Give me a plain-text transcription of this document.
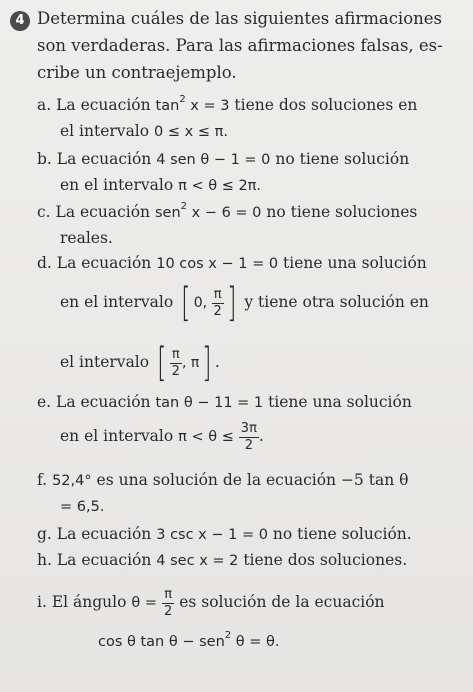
4 Determina cuáles de las siguientes afirmaciones
son verdaderas. Para las afirmaciones falsas, es-
cribe un contraejemplo.
a. La ecuación $\tan^2 x = 3$ tiene dos soluciones en
el intervalo 0 ≤ x ≤ π.
b. La ecuación 4 sen θ − 1 = 0 no tiene solución
en el intervalo π < θ ≤ 2π.
c. La ecuación sen$^2$ x − 6 = 0 no tiene soluciones
reales.
d. La ecuación 10 cos x − 1 = 0 tiene una solución
en el intervalo [ 0,
$\frac{\pi}{2}$ ] y tiene otra solución en
el intervalo [ $\frac{\pi}{2}$ , π ] .
e. La ecuación tan θ − 11 = 1 tiene una solución
en el intervalo $\pi < \theta \le \frac{3\pi}{2}$ .
f. 52,4° es una solución de la ecuación −5 tan θ
= 6,5.
g. La ecuación 3 csc x − 1 = 0 no tiene solución.
h. La ecuación 4 sec x = 2 tiene dos soluciones.
i. El ángulo $\theta = \frac{\pi}{2}$ es solución de la ecuación
cos θ tan θ − sen$^2$ θ = θ.
